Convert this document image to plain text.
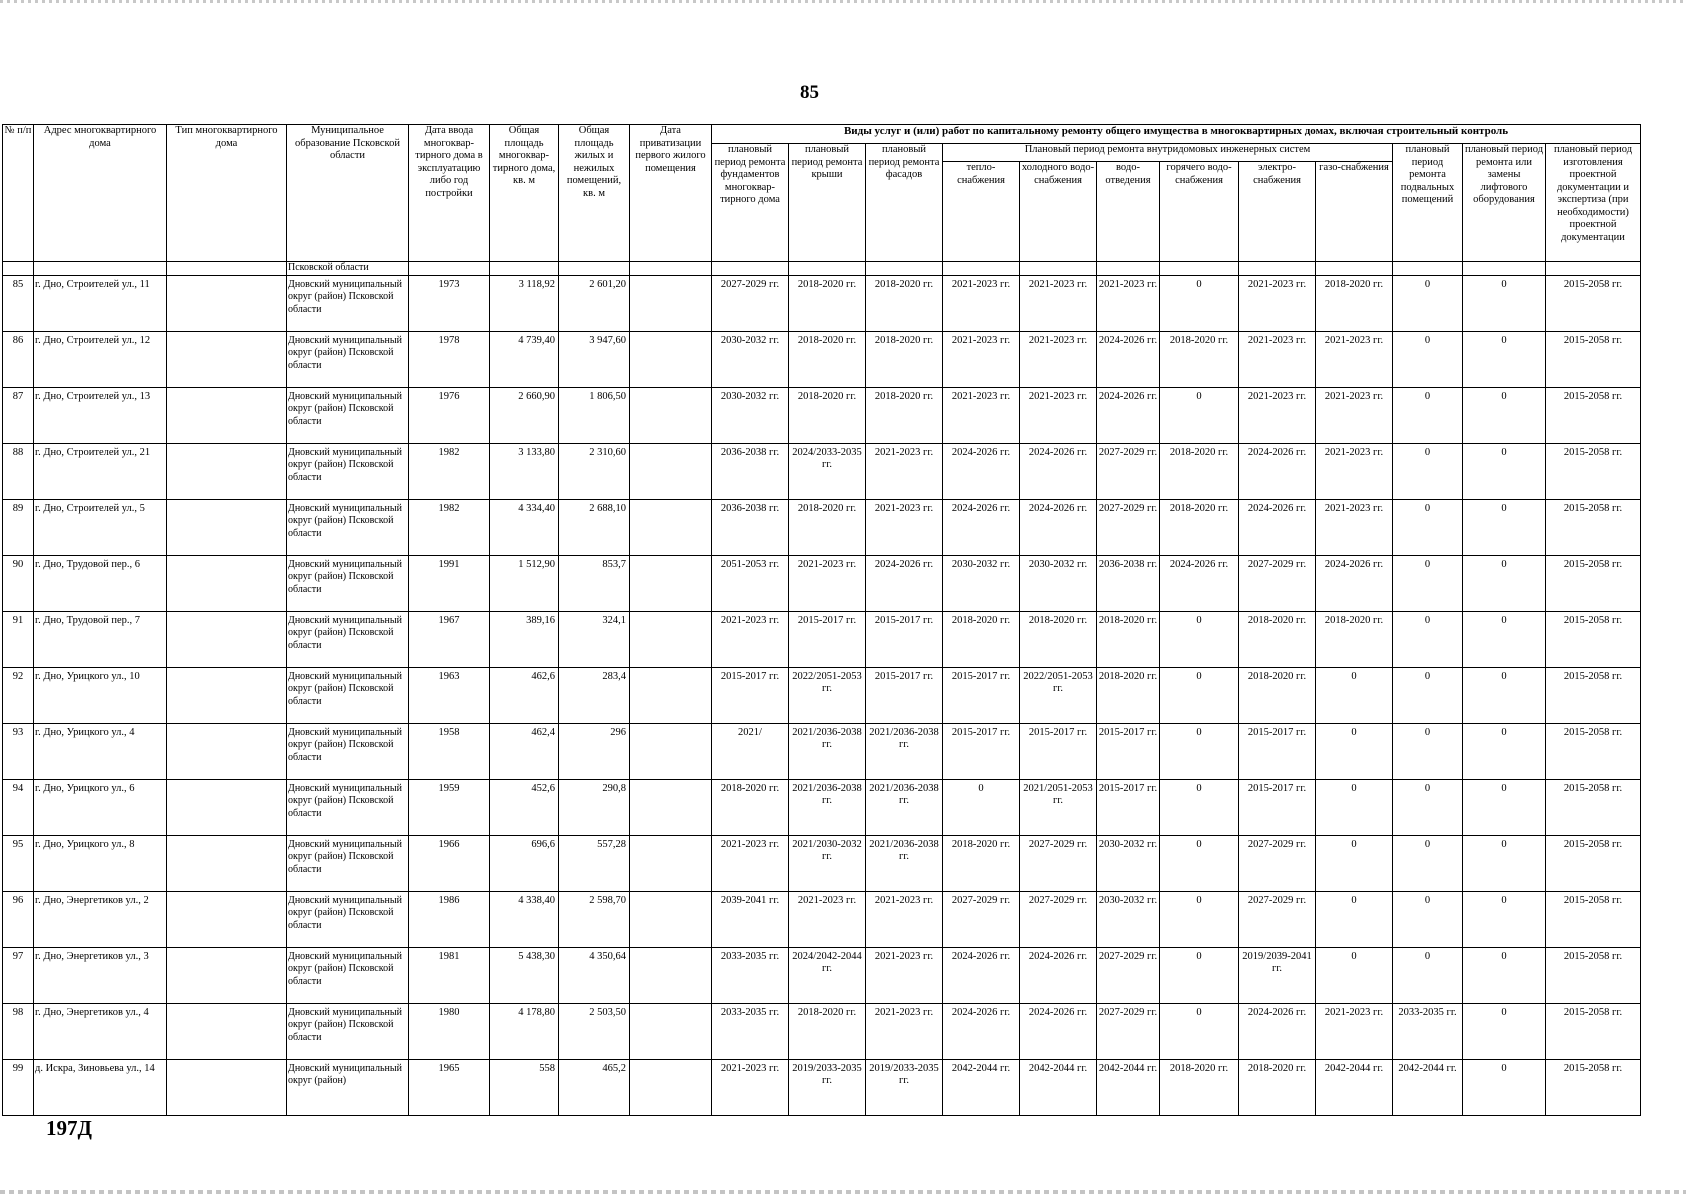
85
№ п/п	Адрес многоквартирного дома	Тип многоквартирного дома	Муниципальное образование Псковской области	Дата ввода многоквар-тирного дома в эксплуатацию либо год постройки	Общая площадь многоквар-тирного дома, кв. м	Общая площадь жилых и нежилых помещений, кв. м	Дата приватизации первого жилого помещения	Виды услуг и (или) работ по капитальному ремонту общего имущества в многоквартирных домах, включая строительный контроль											
								плановый период ремонта фундаментов многоквар-тирного дома	плановый период ремонта крыши	плановый период ремонта фасадов	Плановый период ремонта внутридомовых инженерных систем						плановый период ремонта подвальных помещений	плановый период ремонта или замены лифтового оборудования	плановый период изготовления проектной документации и экспертиза (при необходимости) проектной документации
											тепло-снабжения	холодного водо-снабжения	водо-отведения	горячего водо-снабжения	электро-снабжения	газо-снабжения			
			Псковской области																
85	г. Дно, Строителей ул., 11		Дновский муниципальный округ (район) Псковской области	1973	3 118,92	2 601,20		2027-2029 гг.	2018-2020 гг.	2018-2020 гг.	2021-2023 гг.	2021-2023 гг.	2021-2023 гг.	0	2021-2023 гг.	2018-2020 гг.	0	0	2015-2058 гг.
86	г. Дно, Строителей ул., 12		Дновский муниципальный округ (район) Псковской области	1978	4 739,40	3 947,60		2030-2032 гг.	2018-2020 гг.	2018-2020 гг.	2021-2023 гг.	2021-2023 гг.	2024-2026 гг.	2018-2020 гг.	2021-2023 гг.	2021-2023 гг.	0	0	2015-2058 гг.
87	г. Дно, Строителей ул., 13		Дновский муниципальный округ (район) Псковской области	1976	2 660,90	1 806,50		2030-2032 гг.	2018-2020 гг.	2018-2020 гг.	2021-2023 гг.	2021-2023 гг.	2024-2026 гг.	0	2021-2023 гг.	2021-2023 гг.	0	0	2015-2058 гг.
88	г. Дно, Строителей ул., 21		Дновский муниципальный округ (район) Псковской области	1982	3 133,80	2 310,60		2036-2038 гг.	2024/2033-2035 гг.	2021-2023 гг.	2024-2026 гг.	2024-2026 гг.	2027-2029 гг.	2018-2020 гг.	2024-2026 гг.	2021-2023 гг.	0	0	2015-2058 гг.
89	г. Дно, Строителей ул., 5		Дновский муниципальный округ (район) Псковской области	1982	4 334,40	2 688,10		2036-2038 гг.	2018-2020 гг.	2021-2023 гг.	2024-2026 гг.	2024-2026 гг.	2027-2029 гг.	2018-2020 гг.	2024-2026 гг.	2021-2023 гг.	0	0	2015-2058 гг.
90	г. Дно, Трудовой пер., 6		Дновский муниципальный округ (район) Псковской области	1991	1 512,90	853,7		2051-2053 гг.	2021-2023 гг.	2024-2026 гг.	2030-2032 гг.	2030-2032 гг.	2036-2038 гг.	2024-2026 гг.	2027-2029 гг.	2024-2026 гг.	0	0	2015-2058 гг.
91	г. Дно, Трудовой пер., 7		Дновский муниципальный округ (район) Псковской области	1967	389,16	324,1		2021-2023 гг.	2015-2017 гг.	2015-2017 гг.	2018-2020 гг.	2018-2020 гг.	2018-2020 гг.	0	2018-2020 гг.	2018-2020 гг.	0	0	2015-2058 гг.
92	г. Дно, Урицкого ул., 10		Дновский муниципальный округ (район) Псковской области	1963	462,6	283,4		2015-2017 гг.	2022/2051-2053 гг.	2015-2017 гг.	2015-2017 гг.	2022/2051-2053 гг.	2018-2020 гг.	0	2018-2020 гг.	0	0	0	2015-2058 гг.
93	г. Дно, Урицкого ул., 4		Дновский муниципальный округ (район) Псковской области	1958	462,4	296		2021/	2021/2036-2038 гг.	2021/2036-2038 гг.	2015-2017 гг.	2015-2017 гг.	2015-2017 гг.	0	2015-2017 гг.	0	0	0	2015-2058 гг.
94	г. Дно, Урицкого ул., 6		Дновский муниципальный округ (район) Псковской области	1959	452,6	290,8		2018-2020 гг.	2021/2036-2038 гг.	2021/2036-2038 гг.	0	2021/2051-2053 гг.	2015-2017 гг.	0	2015-2017 гг.	0	0	0	2015-2058 гг.
95	г. Дно, Урицкого ул., 8		Дновский муниципальный округ (район) Псковской области	1966	696,6	557,28		2021-2023 гг.	2021/2030-2032 гг.	2021/2036-2038 гг.	2018-2020 гг.	2027-2029 гг.	2030-2032 гг.	0	2027-2029 гг.	0	0	0	2015-2058 гг.
96	г. Дно, Энергетиков ул., 2		Дновский муниципальный округ (район) Псковской области	1986	4 338,40	2 598,70		2039-2041 гг.	2021-2023 гг.	2021-2023 гг.	2027-2029 гг.	2027-2029 гг.	2030-2032 гг.	0	2027-2029 гг.	0	0	0	2015-2058 гг.
97	г. Дно, Энергетиков ул., 3		Дновский муниципальный округ (район) Псковской области	1981	5 438,30	4 350,64		2033-2035 гг.	2024/2042-2044 гг.	2021-2023 гг.	2024-2026 гг.	2024-2026 гг.	2027-2029 гг.	0	2019/2039-2041 гг.	0	0	0	2015-2058 гг.
98	г. Дно, Энергетиков ул., 4		Дновский муниципальный округ (район) Псковской области	1980	4 178,80	2 503,50		2033-2035 гг.	2018-2020 гг.	2021-2023 гг.	2024-2026 гг.	2024-2026 гг.	2027-2029 гг.	0	2024-2026 гг.	2021-2023 гг.	2033-2035 гг.	0	2015-2058 гг.
99	д. Искра, Зиновьева ул., 14		Дновский муниципальный округ (район)	1965	558	465,2		2021-2023 гг.	2019/2033-2035 гг.	2019/2033-2035 гг.	2042-2044 гг.	2042-2044 гг.	2042-2044 гг.	2018-2020 гг.	2018-2020 гг.	2042-2044 гг.	2042-2044 гг.	0	2015-2058 гг.
197Д
